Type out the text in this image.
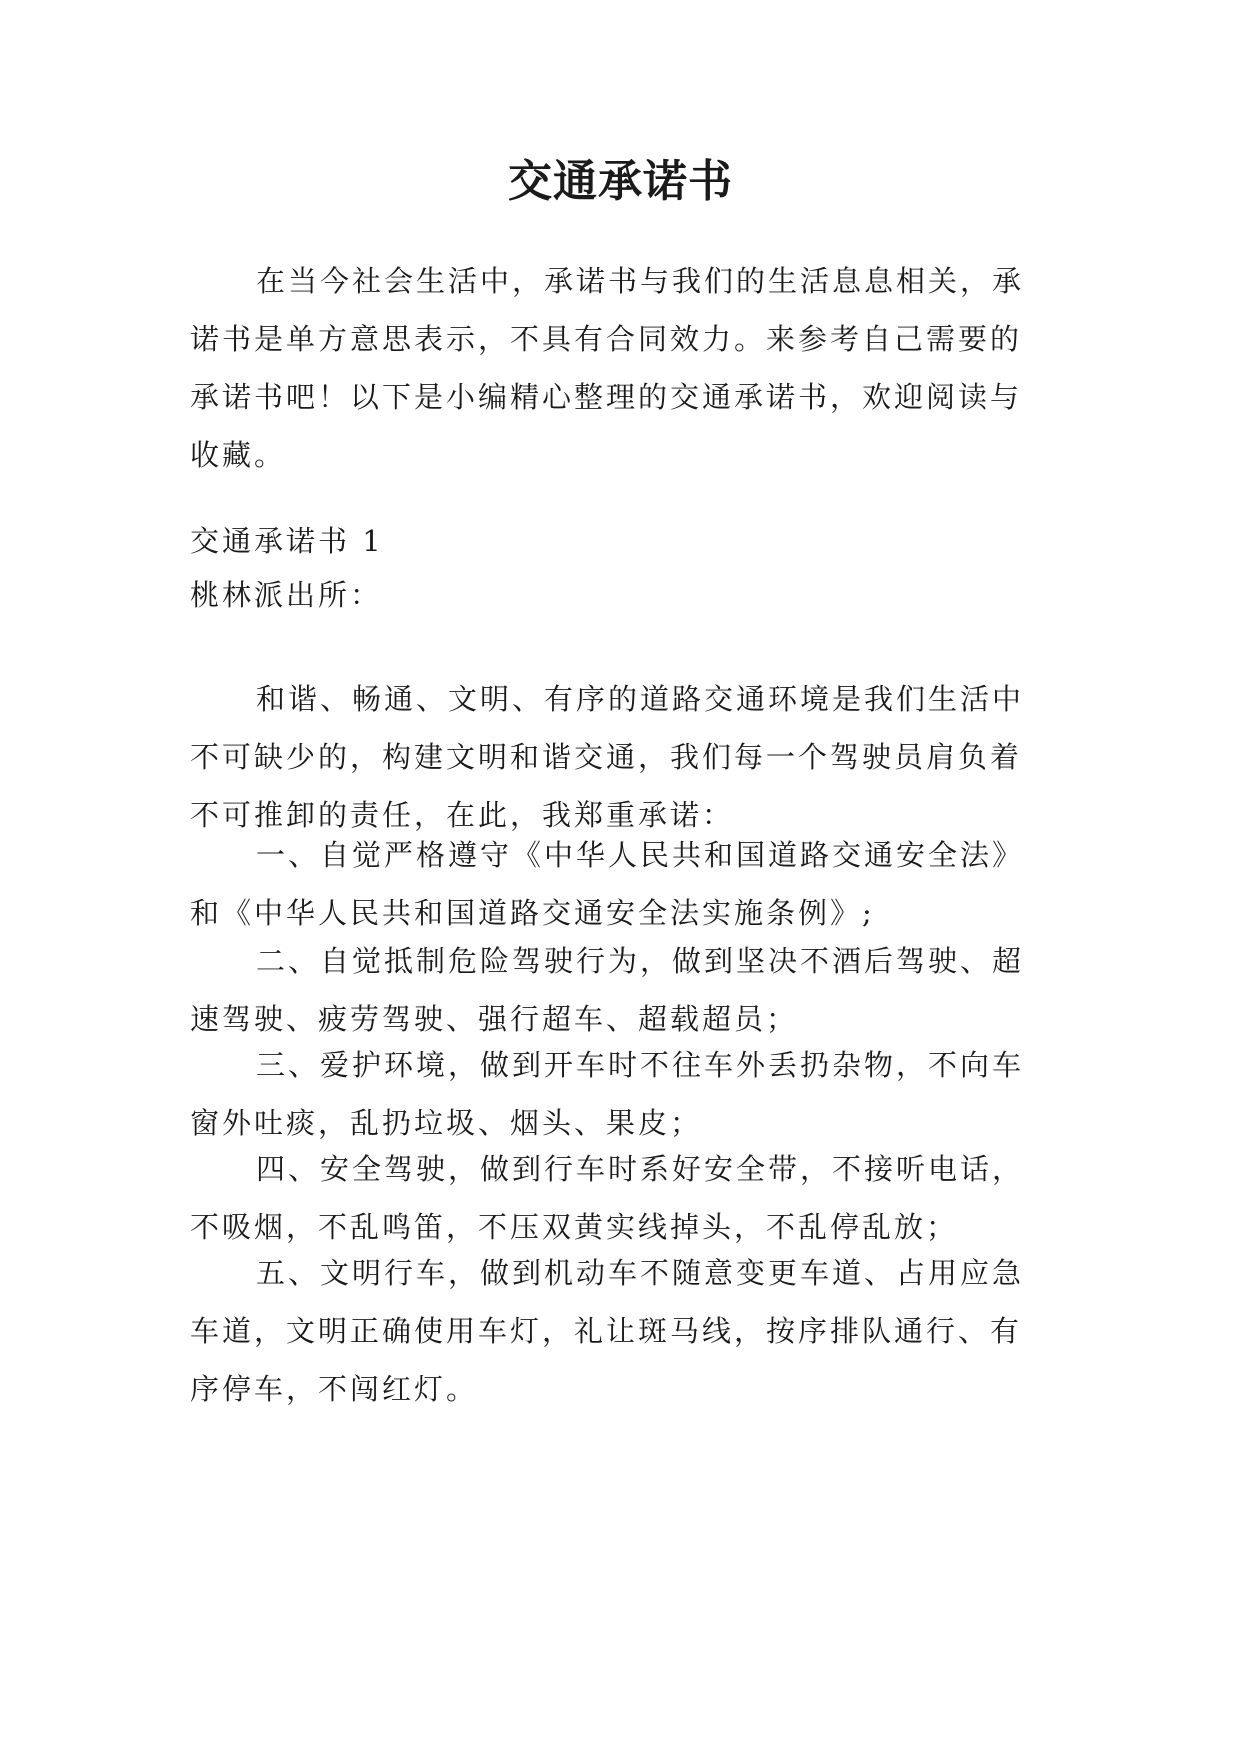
交通承诺书

在当今社会生活中，承诺书与我们的生活息息相关，承诺书是单方意思表示，不具有合同效力。来参考自己需要的承诺书吧！以下是小编精心整理的交通承诺书，欢迎阅读与收藏。

交通承诺书 1

桃林派出所：

和谐、畅通、文明、有序的道路交通环境是我们生活中不可缺少的，构建文明和谐交通，我们每一个驾驶员肩负着不可推卸的责任，在此，我郑重承诺：

一、自觉严格遵守《中华人民共和国道路交通安全法》和《中华人民共和国道路交通安全法实施条例》;

二、自觉抵制危险驾驶行为，做到坚决不酒后驾驶、超速驾驶、疲劳驾驶、强行超车、超载超员；

三、爱护环境，做到开车时不往车外丢扔杂物，不向车窗外吐痰，乱扔垃圾、烟头、果皮；

四、安全驾驶，做到行车时系好安全带，不接听电话，不吸烟，不乱鸣笛，不压双黄实线掉头，不乱停乱放；

五、文明行车，做到机动车不随意变更车道、占用应急车道，文明正确使用车灯，礼让斑马线，按序排队通行、有序停车，不闯红灯。
